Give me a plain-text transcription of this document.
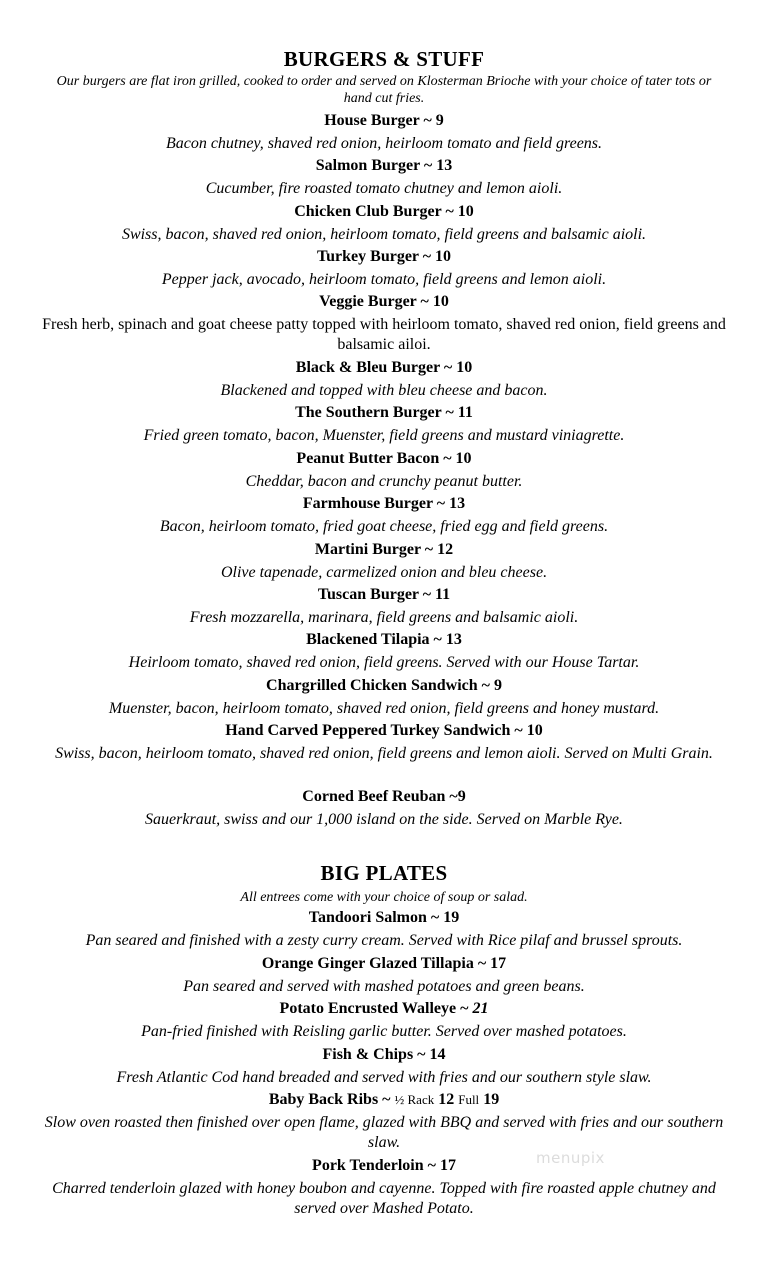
BURGERS & STUFF
Our burgers are flat iron grilled, cooked to order and served on Klosterman Brioche with your choice of tater tots or hand cut fries.
House Burger ~ 9
Bacon chutney, shaved red onion, heirloom tomato and field greens.
Salmon Burger ~ 13
Cucumber, fire roasted tomato chutney and lemon aioli.
Chicken Club Burger ~ 10
Swiss, bacon, shaved red onion, heirloom tomato, field greens and balsamic aioli.
Turkey Burger ~ 10
Pepper jack, avocado, heirloom tomato, field greens and lemon aioli.
Veggie Burger ~ 10
Fresh herb, spinach and goat cheese patty topped with heirloom tomato, shaved red onion, field greens and balsamic ailoi.
Black & Bleu Burger ~ 10
Blackened and topped with bleu cheese and bacon.
The Southern Burger ~ 11
Fried green tomato, bacon, Muenster, field greens and mustard viniagrette.
Peanut Butter Bacon ~ 10
Cheddar, bacon and crunchy peanut butter.
Farmhouse Burger ~ 13
Bacon, heirloom tomato, fried goat cheese, fried egg and field greens.
Martini Burger ~ 12
Olive tapenade, carmelized onion and bleu cheese.
Tuscan Burger ~ 11
Fresh mozzarella, marinara, field greens and balsamic aioli.
Blackened Tilapia ~ 13
Heirloom tomato, shaved red onion, field greens. Served with our House Tartar.
Chargrilled Chicken Sandwich ~ 9
Muenster, bacon, heirloom tomato, shaved red onion, field greens and honey mustard.
Hand Carved Peppered Turkey Sandwich ~ 10
Swiss, bacon, heirloom tomato, shaved red onion, field greens and lemon aioli. Served on Multi Grain.
Corned Beef Reuban ~9
Sauerkraut, swiss and our 1,000 island on the side. Served on Marble Rye.
BIG PLATES
All entrees come with your choice of soup or salad.
Tandoori Salmon ~ 19
Pan seared and finished with a zesty curry cream. Served with Rice pilaf and brussel sprouts.
Orange Ginger Glazed Tillapia ~ 17
Pan seared and served with mashed potatoes and green beans.
Potato Encrusted Walleye ~ 21
Pan-fried finished with Reisling garlic butter. Served over mashed potatoes.
Fish & Chips ~ 14
Fresh Atlantic Cod hand breaded and served with fries and our southern style slaw.
Baby Back Ribs ~ ½ Rack 12 Full 19
Slow oven roasted then finished over open flame, glazed with BBQ and served with fries and our southern slaw.
Pork Tenderloin ~ 17
Charred tenderloin glazed with honey boubon and cayenne. Topped with fire roasted apple chutney and served over Mashed Potato.
menupix
